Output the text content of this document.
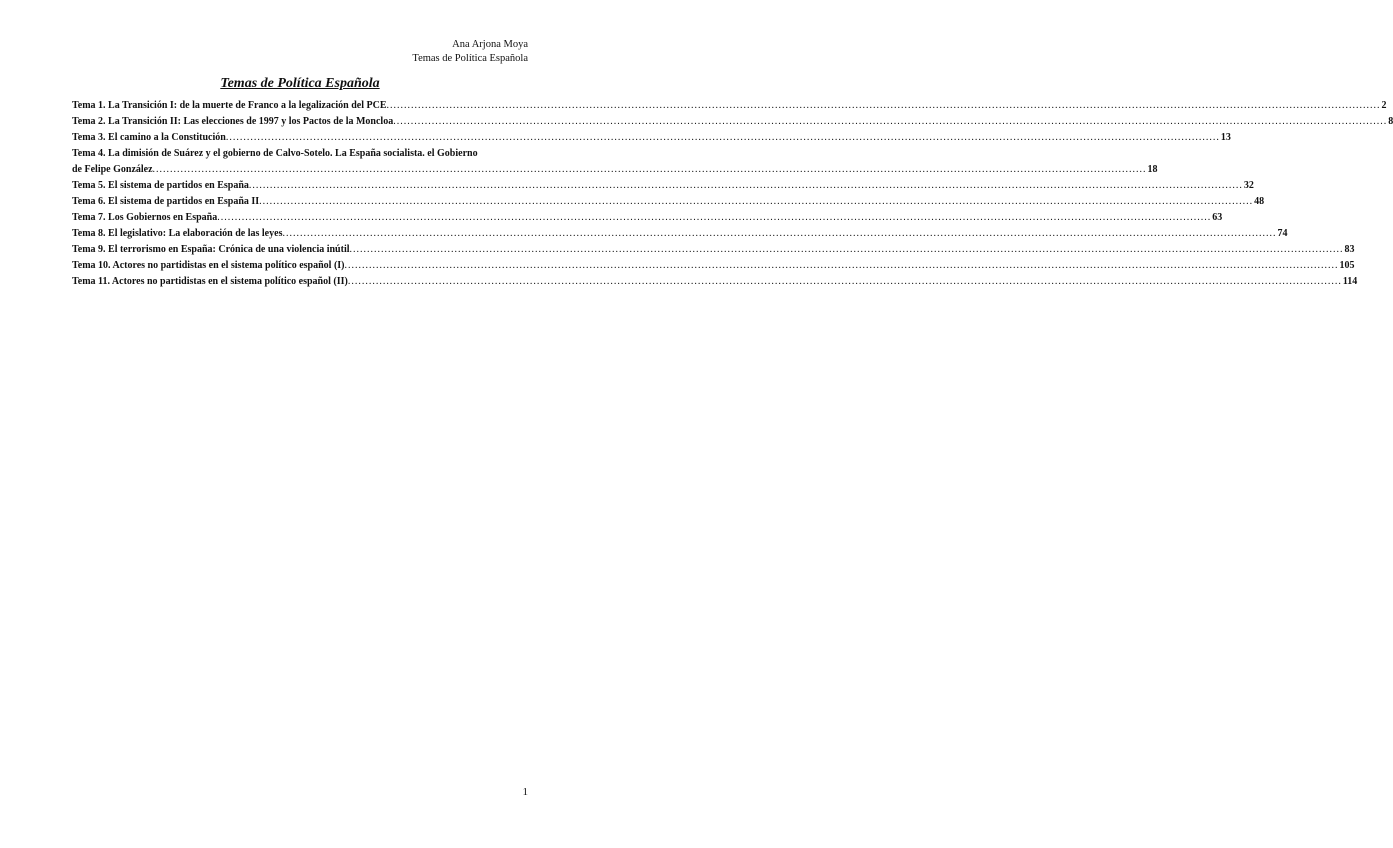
Ana Arjona Moya
Temas de Política Española
Temas de Política Española
Tema 1. La Transición I: de la muerte de Franco a la legalización del PCE .....	2
Tema 2. La Transición II: Las elecciones de 1997 y los Pactos de la Moncloa .....	8
Tema 3. El camino a la Constitución .....	13
Tema 4. La dimisión de Suárez y el gobierno de Calvo-Sotelo. La España socialista. el Gobierno
de Felipe González .....	18
Tema 5. El sistema de partidos en España .....	32
Tema 6. El sistema de partidos en España II .....	48
Tema 7. Los Gobiernos en España .....	63
Tema 8. El legislativo: La elaboración de las leyes .....	74
Tema 9. El terrorismo en España: Crónica de una violencia inútil .....	83
Tema 10. Actores no partidistas en el sistema político español (I) .....	105
Tema 11. Actores no partidistas en el sistema político español (II) .....	114
1
